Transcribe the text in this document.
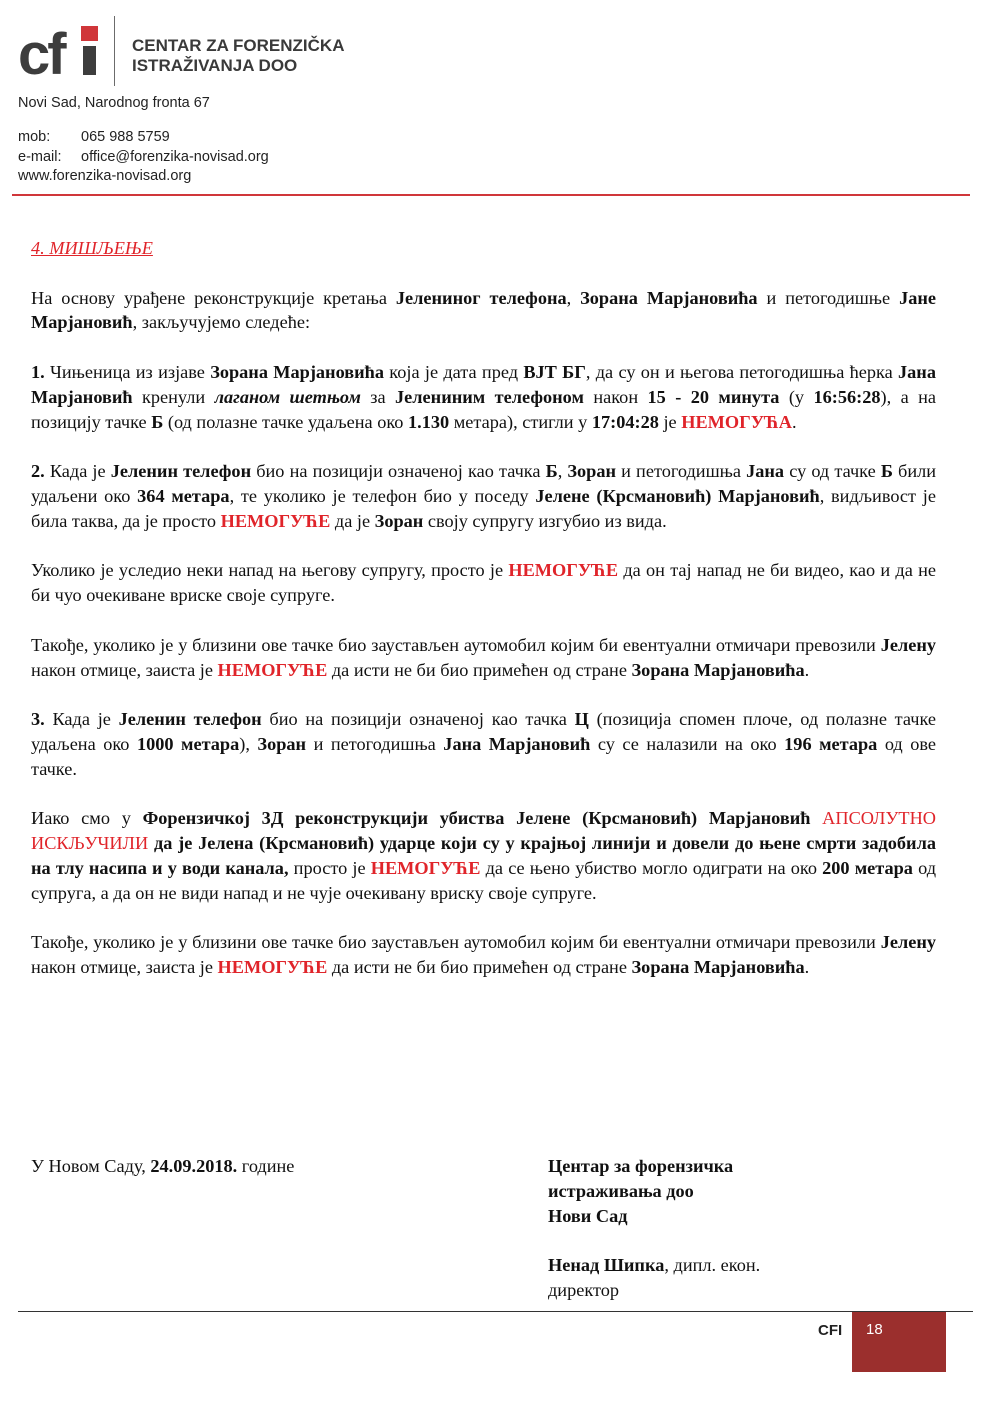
cf	CENTAR ZA FORENZIČKA
ISTRAŽIVANJA DOO
Novi Sad, Narodnog fronta 67
mob: 065 988 5759
e-mail: office@forenzika-novisad.org
www.forenzika-novisad.org
4. МИШЉЕЊЕ

На основу урађене реконструкције кретања Јелениног телефона, Зорана Марјановића и петогодишње Јане Марјановић, закључујемо следеће:

1. Чињеница из изјаве Зорана Марјановића која је дата пред ВЈТ БГ, да су он и његова петогодишња ћерка Јана Марјановић кренули лаганом шетњом за Јелениним телефоном након 15 - 20 минута (у 16:56:28), а на позицију тачке Б (од полазне тачке удаљена око 1.130 метара), стигли у 17:04:28 је НЕМОГУЋА.

2. Када је Јеленин телефон био на позицији означеној као тачка Б, Зоран и петогодишња Јана су од тачке Б били удаљени око 364 метара, те уколико је телефон био у поседу Јелене (Крсмановић) Марјановић, видљивост је била таква, да је просто НЕМОГУЋЕ да је Зоран своју супругу изгубио из вида.

Уколико је уследио неки напад на његову супругу, просто је НЕМОГУЋЕ да он тај напад не би видео, као и да не би чуо очекиване вриске своје супруге.

Такође, уколико је у близини ове тачке био заустављен аутомобил којим би евентуални отмичари превозили Јелену након отмице, заиста је НЕМОГУЋЕ да исти не би био примећен од стране Зорана Марјановића.

3. Када је Јеленин телефон био на позицији означеној као тачка Ц (позиција спомен плоче, од полазне тачке удаљена око 1000 метара), Зоран и петогодишња Јана Марјановић су се налазили на око 196 метара од ове тачке.

Иако смо у Форензичкој 3Д реконструкцији убиства Јелене (Крсмановић) Марјановић АПСОЛУТНО ИСКЉУЧИЛИ да је Јелена (Крсмановић) ударце који су у крајњој линији и довели до њене смрти задобила на тлу насипа и у води канала, просто је НЕМОГУЋЕ да се њено убиство могло одиграти на око 200 метара од супруга, а да он не види напад и не чује очекивану вриску своје супруге.

Такође, уколико је у близини ове тачке био заустављен аутомобил којим би евентуални отмичари превозили Јелену након отмице, заиста је НЕМОГУЋЕ да исти не би био примећен од стране Зорана Марјановића.

У Новом Саду, 24.09.2018. године	Центар за форензичка
истраживања доо
Нови Сад
Ненад Шипка, дипл. екон.
директор
CFI 18
